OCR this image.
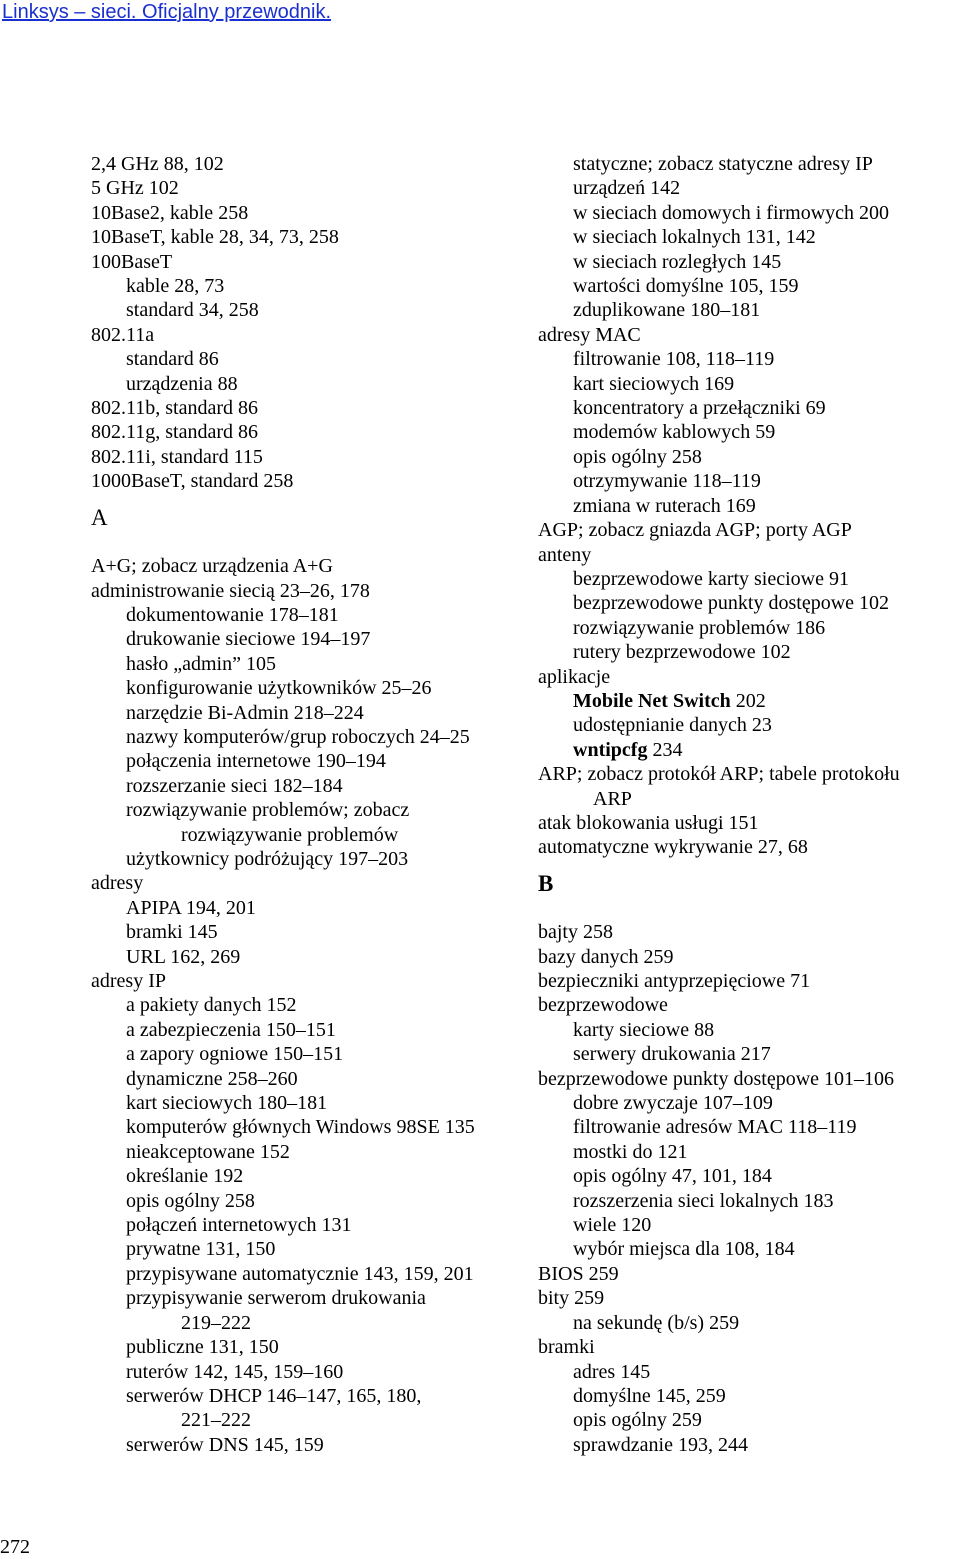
Linksys – sieci. Oficjalny przewodnik.
2,4 GHz 88, 102
5 GHz 102
10Base2, kable 258
10BaseT, kable 28, 34, 73, 258
100BaseT
kable 28, 73
standard 34, 258
802.11a
standard 86
urządzenia 88
802.11b, standard 86
802.11g, standard 86
802.11i, standard 115
1000BaseT, standard 258
A
A+G; zobacz urządzenia A+G
administrowanie siecią 23–26, 178
dokumentowanie 178–181
drukowanie sieciowe 194–197
hasło „admin” 105
konfigurowanie użytkowników 25–26
narzędzie Bi-Admin 218–224
nazwy komputerów/grup roboczych 24–25
połączenia internetowe 190–194
rozszerzanie sieci 182–184
rozwiązywanie problemów; zobacz
rozwiązywanie problemów
użytkownicy podróżujący 197–203
adresy
APIPA 194, 201
bramki 145
URL 162, 269
adresy IP
a pakiety danych 152
a zabezpieczenia 150–151
a zapory ogniowe 150–151
dynamiczne 258–260
kart sieciowych 180–181
komputerów głównych Windows 98SE 135
nieakceptowane 152
określanie 192
opis ogólny 258
połączeń internetowych 131
prywatne 131, 150
przypisywane automatycznie 143, 159, 201
przypisywanie serwerom drukowania
219–222
publiczne 131, 150
ruterów 142, 145, 159–160
serwerów DHCP 146–147, 165, 180,
221–222
serwerów DNS 145, 159
statyczne; zobacz statyczne adresy IP
urządzeń 142
w sieciach domowych i firmowych 200
w sieciach lokalnych 131, 142
w sieciach rozległych 145
wartości domyślne 105, 159
zduplikowane 180–181
adresy MAC
filtrowanie 108, 118–119
kart sieciowych 169
koncentratory a przełączniki 69
modemów kablowych 59
opis ogólny 258
otrzymywanie 118–119
zmiana w ruterach 169
AGP; zobacz gniazda AGP; porty AGP
anteny
bezprzewodowe karty sieciowe 91
bezprzewodowe punkty dostępowe 102
rozwiązywanie problemów 186
rutery bezprzewodowe 102
aplikacje
Mobile Net Switch 202
udostępnianie danych 23
wntipcfg 234
ARP; zobacz protokół ARP; tabele protokołu
ARP
atak blokowania usługi 151
automatyczne wykrywanie 27, 68
B
bajty 258
bazy danych 259
bezpieczniki antyprzepięciowe 71
bezprzewodowe
karty sieciowe 88
serwery drukowania 217
bezprzewodowe punkty dostępowe 101–106
dobre zwyczaje 107–109
filtrowanie adresów MAC 118–119
mostki do 121
opis ogólny 47, 101, 184
rozszerzenia sieci lokalnych 183
wiele 120
wybór miejsca dla 108, 184
BIOS 259
bity 259
na sekundę (b/s) 259
bramki
adres 145
domyślne 145, 259
opis ogólny 259
sprawdzanie 193, 244
272
